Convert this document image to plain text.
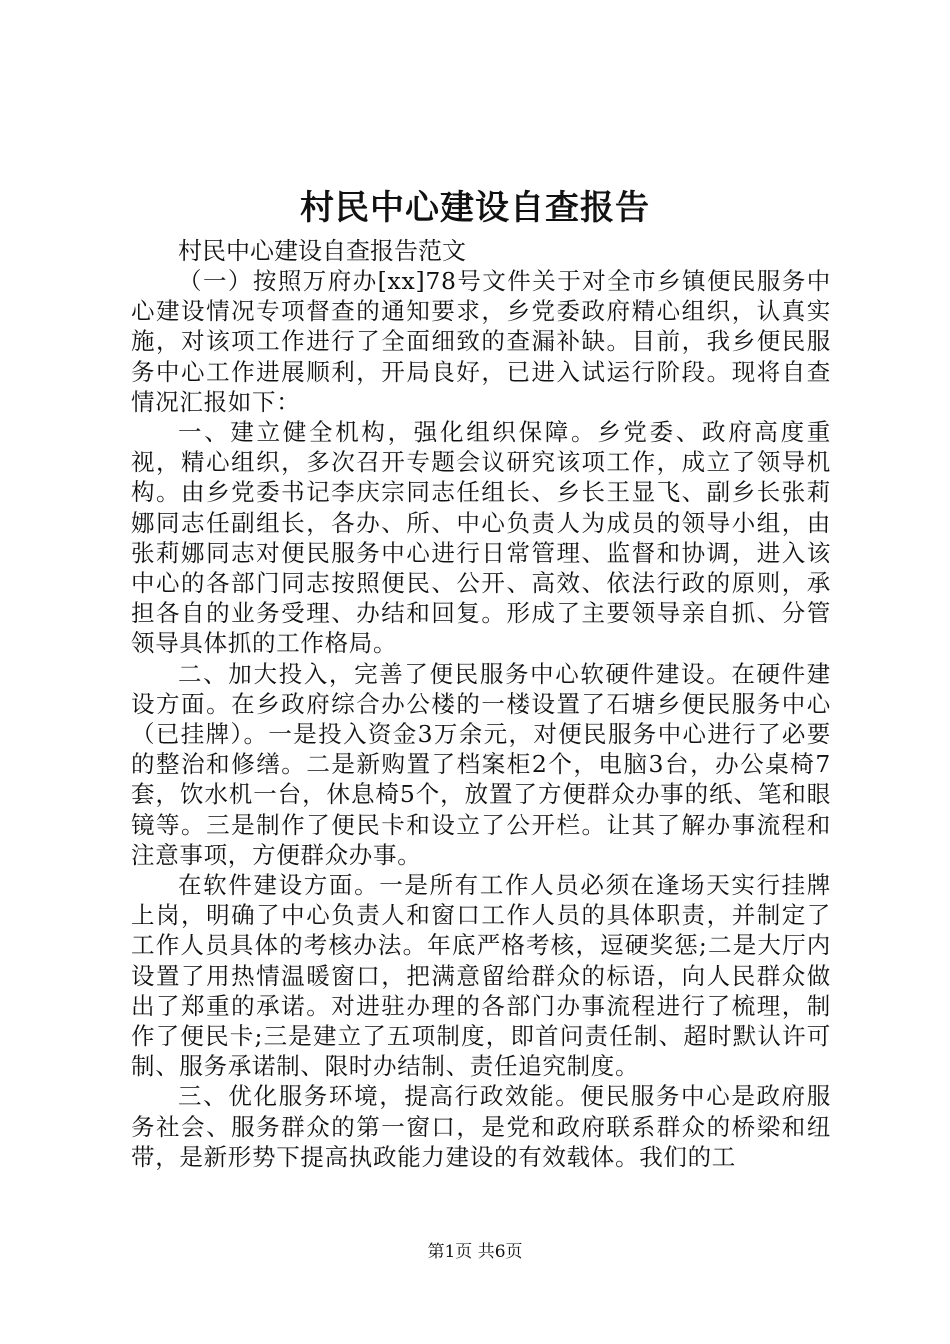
村民中心建设自查报告
村民中心建设自查报告范文

（一）按照万府办[xx]78号文件关于对全市乡镇便民服务中心建设情况专项督查的通知要求，乡党委政府精心组织，认真实施，对该项工作进行了全面细致的查漏补缺。目前，我乡便民服务中心工作进展顺利，开局良好，已进入试运行阶段。现将自查情况汇报如下：

一、建立健全机构，强化组织保障。乡党委、政府高度重视，精心组织，多次召开专题会议研究该项工作，成立了领导机构。由乡党委书记李庆宗同志任组长、乡长王显飞、副乡长张莉娜同志任副组长，各办、所、中心负责人为成员的领导小组，由张莉娜同志对便民服务中心进行日常管理、监督和协调，进入该中心的各部门同志按照便民、公开、高效、依法行政的原则，承担各自的业务受理、办结和回复。形成了主要领导亲自抓、分管领导具体抓的工作格局。

二、加大投入，完善了便民服务中心软硬件建设。在硬件建设方面。在乡政府综合办公楼的一楼设置了石塘乡便民服务中心（已挂牌）。一是投入资金3万余元，对便民服务中心进行了必要的整治和修缮。二是新购置了档案柜2个，电脑3台，办公桌椅7套，饮水机一台，休息椅5个，放置了方便群众办事的纸、笔和眼镜等。三是制作了便民卡和设立了公开栏。让其了解办事流程和注意事项，方便群众办事。

在软件建设方面。一是所有工作人员必须在逢场天实行挂牌上岗，明确了中心负责人和窗口工作人员的具体职责，并制定了工作人员具体的考核办法。年底严格考核，逗硬奖惩;二是大厅内设置了用热情温暖窗口，把满意留给群众的标语，向人民群众做出了郑重的承诺。对进驻办理的各部门办事流程进行了梳理，制作了便民卡;三是建立了五项制度，即首问责任制、超时默认许可制、服务承诺制、限时办结制、责任追究制度。

三、优化服务环境，提高行政效能。便民服务中心是政府服务社会、服务群众的第一窗口，是党和政府联系群众的桥梁和纽带，是新形势下提高执政能力建设的有效载体。我们的工

第1页 共6页
